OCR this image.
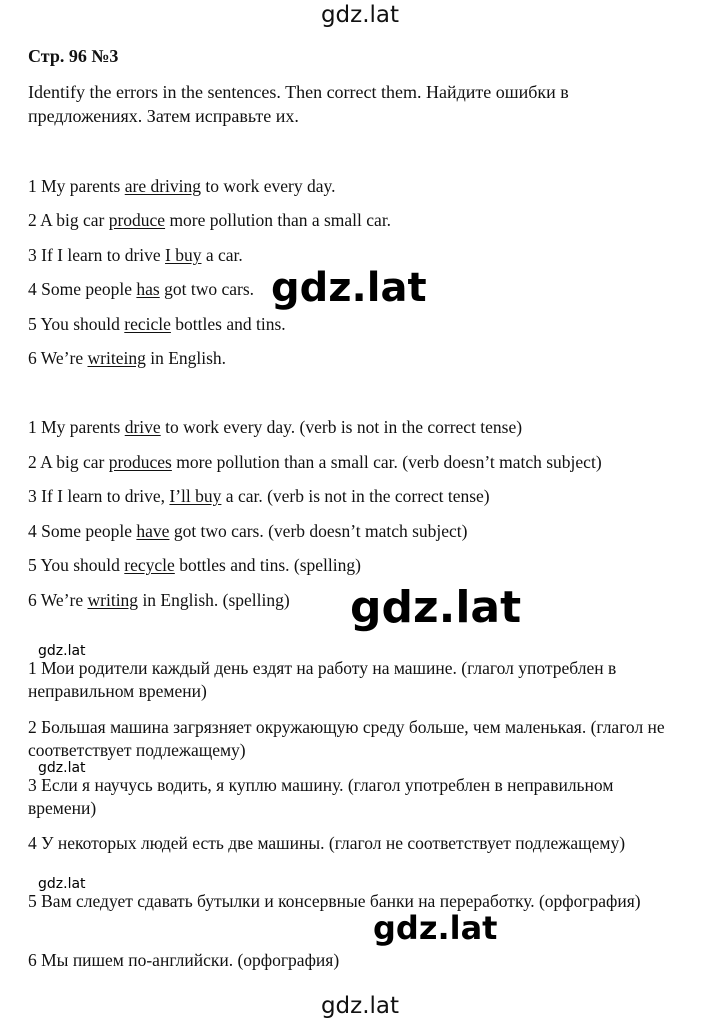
gdz.lat
Стр. 96 №3
Identify the errors in the sentences. Then correct them. Найдите ошибки в предложениях. Затем исправьте их.
1 My parents are driving to work every day.
2 A big car produce more pollution than a small car.
3 If I learn to drive I buy a car.
4 Some people has got two cars.
5 You should recicle bottles and tins.
6 We’re writeing in English.
1 My parents drive to work every day. (verb is not in the correct tense)
2 A big car produces more pollution than a small car. (verb doesn’t match subject)
3 If I learn to drive, I’ll buy a car. (verb is not in the correct tense)
4 Some people have got two cars. (verb doesn’t match subject)
5 You should recycle bottles and tins. (spelling)
6 We’re writing in English. (spelling)
1 Мои родители каждый день ездят на работу на машине. (глагол употреблен в неправильном времени)
2 Большая машина загрязняет окружающую среду больше, чем маленькая. (глагол не соответствует подлежащему)
3 Если я научусь водить, я куплю машину. (глагол употреблен в неправильном времени)
4 У некоторых людей есть две машины. (глагол не соответствует подлежащему)
5 Вам следует сдавать бутылки и консервные банки на переработку. (орфография)
6 Мы пишем по-английски. (орфография)
gdz.lat
gdz.lat
gdz.lat
gdz.lat
gdz.lat
gdz.lat
gdz.lat
